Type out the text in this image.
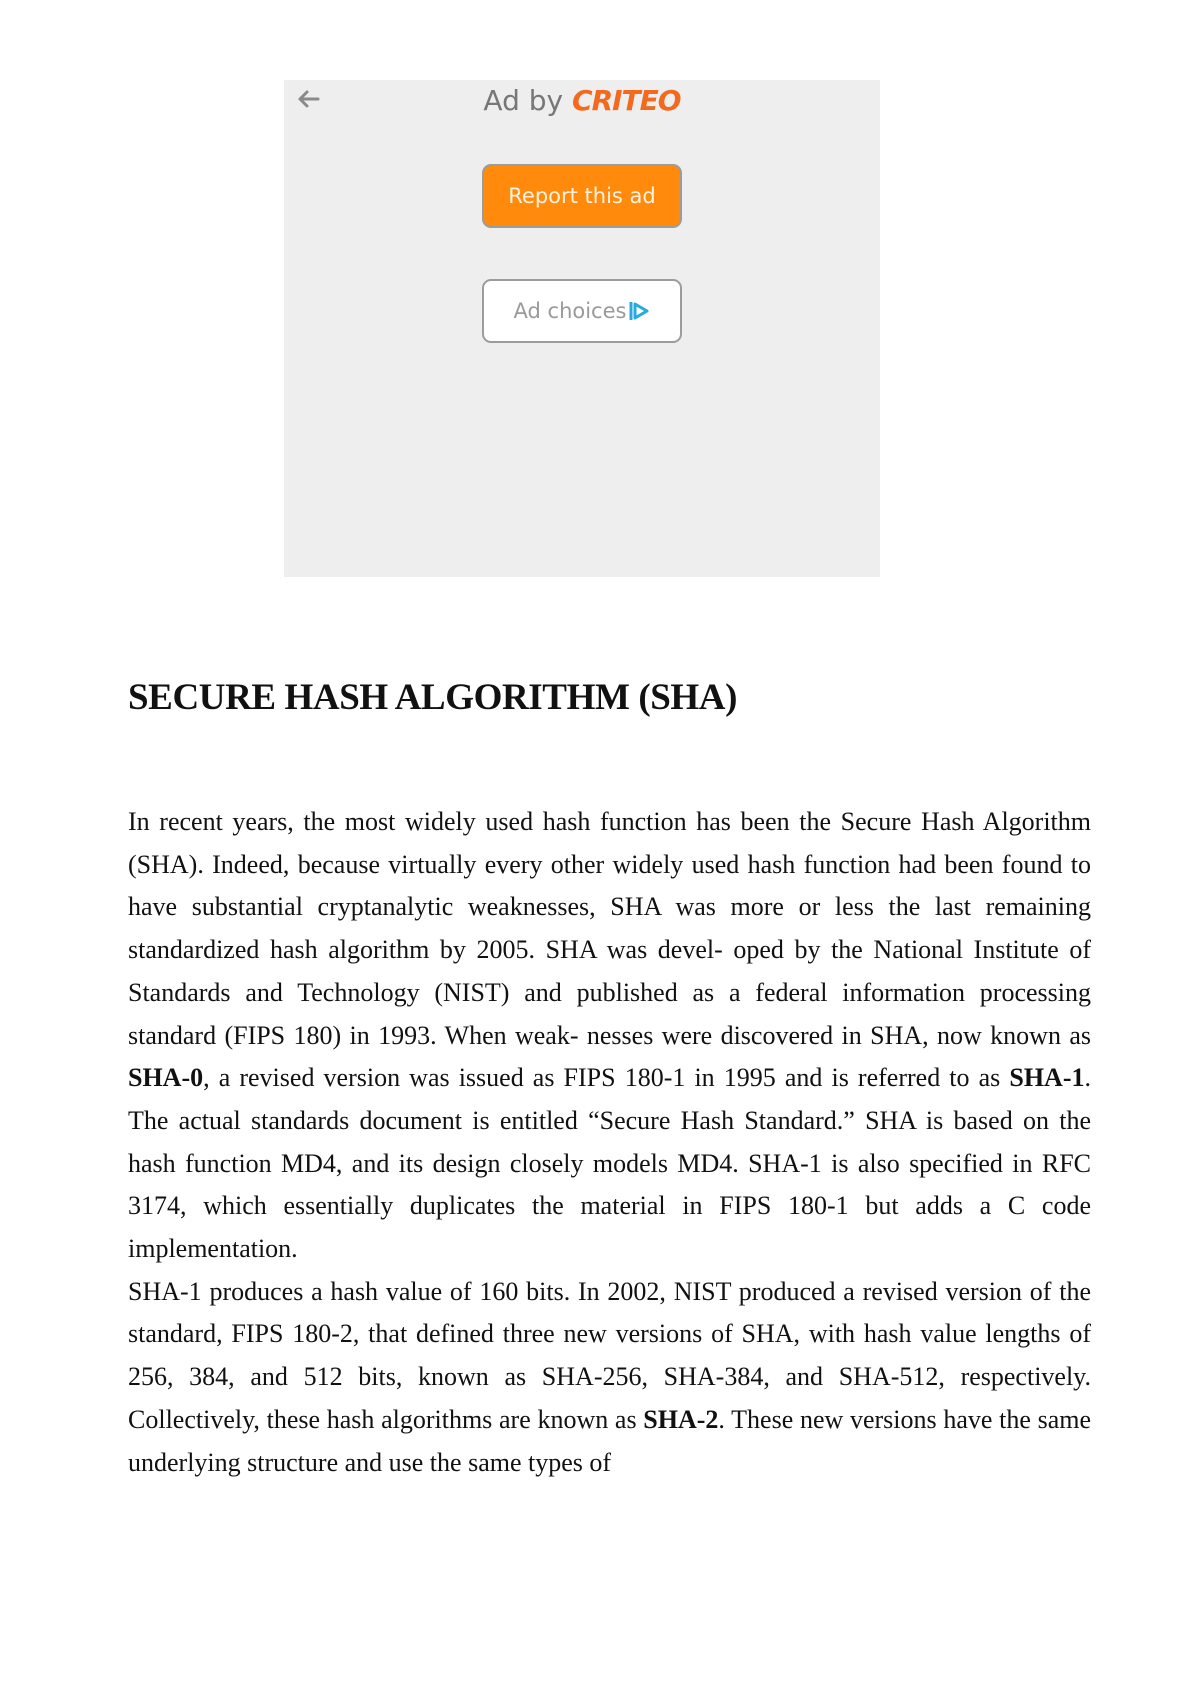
Ad by CRITEO
Report this ad
Ad choices
SECURE HASH ALGORITHM (SHA)

In recent years, the most widely used hash function has been the Secure Hash Algorithm (SHA). Indeed, because virtually every other widely used hash function had been found to have substantial cryptanalytic weaknesses, SHA was more or less the last remaining standardized hash algorithm by 2005. SHA was devel- oped by the National Institute of Standards and Technology (NIST) and published as a federal information processing standard (FIPS 180) in 1993. When weak- nesses were discovered in SHA, now known as SHA-0, a revised version was issued as FIPS 180-1 in 1995 and is referred to as SHA-1. The actual standards document is entitled “Secure Hash Standard.” SHA is based on the hash function MD4, and its design closely models MD4. SHA-1 is also specified in RFC 3174, which essentially duplicates the material in FIPS 180-1 but adds a C code implementation.

SHA-1 produces a hash value of 160 bits. In 2002, NIST produced a revised version of the standard, FIPS 180-2, that defined three new versions of SHA, with hash value lengths of 256, 384, and 512 bits, known as SHA-256, SHA-384, and SHA-512, respectively. Collectively, these hash algorithms are known as SHA-2. These new versions have the same underlying structure and use the same types of
